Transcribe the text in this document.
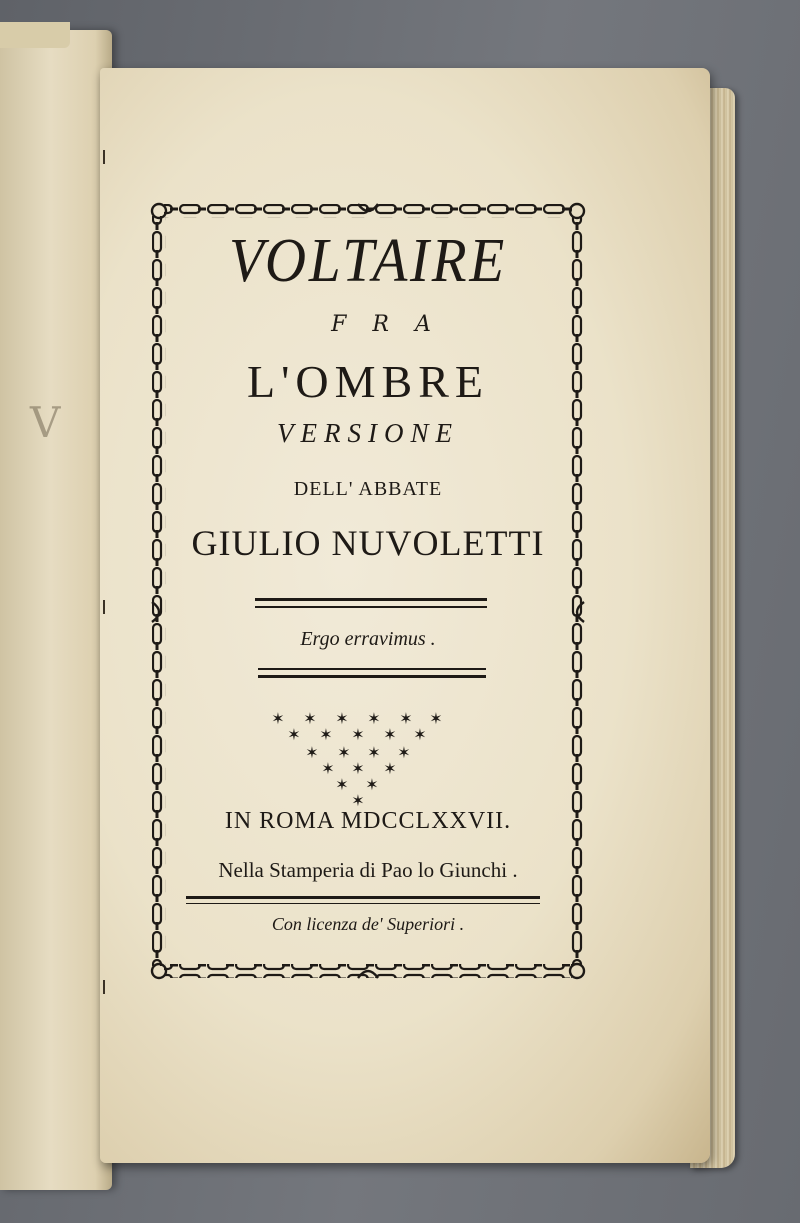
V
VOLTAIRE
FRA
L'OMBRE
VERSIONE
DELL' ABBATE
GIULIO NUVOLETTI
Ergo erravimus .
✶ ✶ ✶ ✶ ✶ ✶
✶ ✶ ✶ ✶ ✶
✶ ✶ ✶ ✶
✶ ✶ ✶
✶ ✶
✶
IN ROMA MDCCLXXVII.
Nella Stamperia di Pao lo Giunchi .
Con licenza de' Superiori .
